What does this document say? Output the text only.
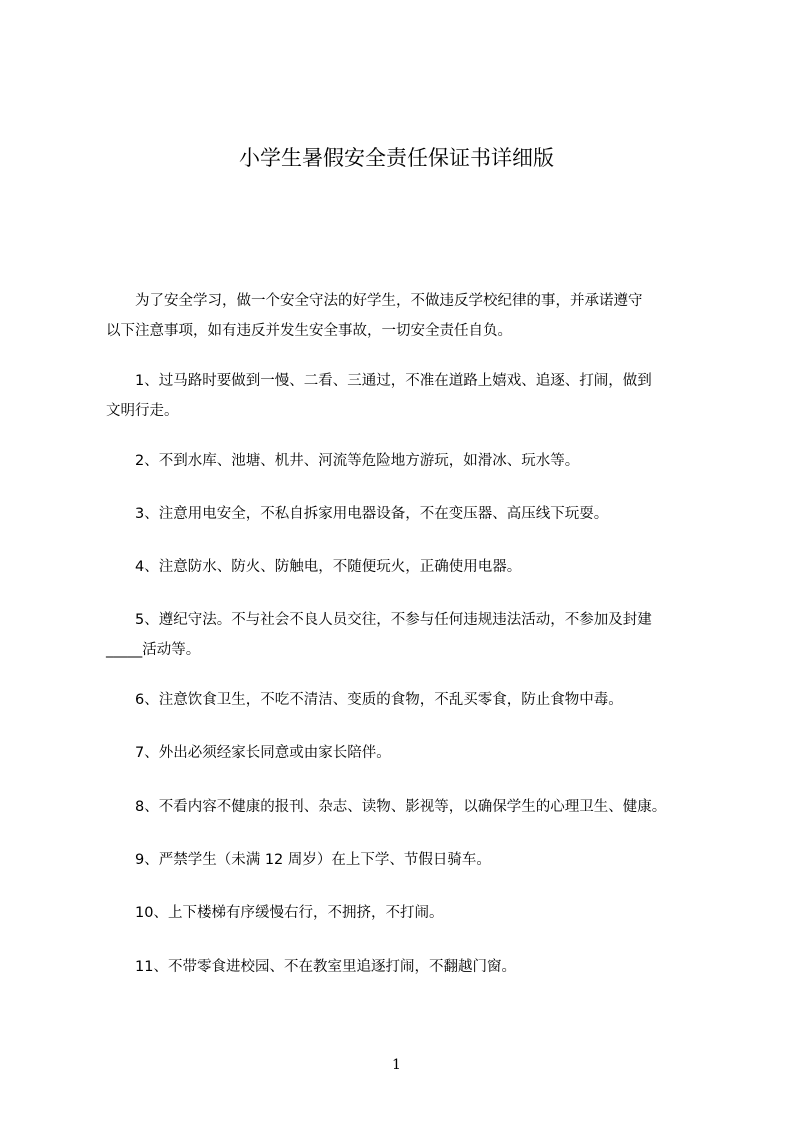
小学生暑假安全责任保证书详细版

　　为了安全学习，做一个安全守法的好学生，不做违反学校纪律的事，并承诺遵守
以下注意事项，如有违反并发生安全事故，一切安全责任自负。

　　1、过马路时要做到一慢、二看、三通过，不准在道路上嬉戏、追逐、打闹，做到
文明行走。

　　2、不到水库、池塘、机井、河流等危险地方游玩，如滑冰、玩水等。

　　3、注意用电安全，不私自拆家用电器设备，不在变压器、高压线下玩耍。

　　4、注意防水、防火、防触电，不随便玩火，正确使用电器。

　　5、遵纪守法。不与社会不良人员交往，不参与任何违规违法活动，不参加及封建
_____活动等。

　　6、注意饮食卫生，不吃不清洁、变质的食物，不乱买零食，防止食物中毒。

　　7、外出必须经家长同意或由家长陪伴。

　　8、不看内容不健康的报刊、杂志、读物、影视等，以确保学生的心理卫生、健康。

　　9、严禁学生（未满 12 周岁）在上下学、节假日骑车。

　　10、上下楼梯有序缓慢右行，不拥挤，不打闹。

　　11、不带零食进校园、不在教室里追逐打闹，不翻越门窗。

1
